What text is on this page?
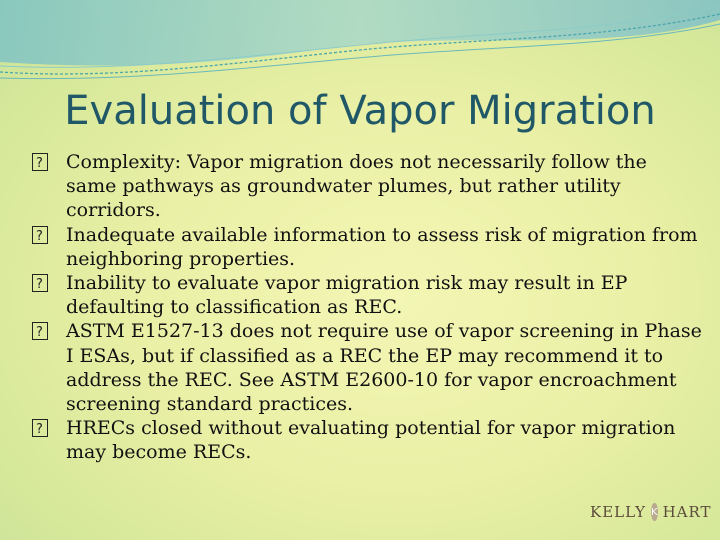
Evaluation of Vapor Migration
?
Complexity: Vapor migration does not necessarily follow the same pathways as groundwater plumes, but rather utility corridors.
?
Inadequate available information to assess risk of migration from neighboring properties.
?
Inability to evaluate vapor migration risk may result in EP defaulting to classification as REC.
?
ASTM E1527-13 does not require use of vapor screening in Phase I ESAs, but if classified as a REC the EP may recommend it to address the REC. See ASTM E2600-10 for vapor encroachment screening standard practices.
?
HRECs closed without evaluating potential for vapor migration may become RECs.
KELLY K HART
